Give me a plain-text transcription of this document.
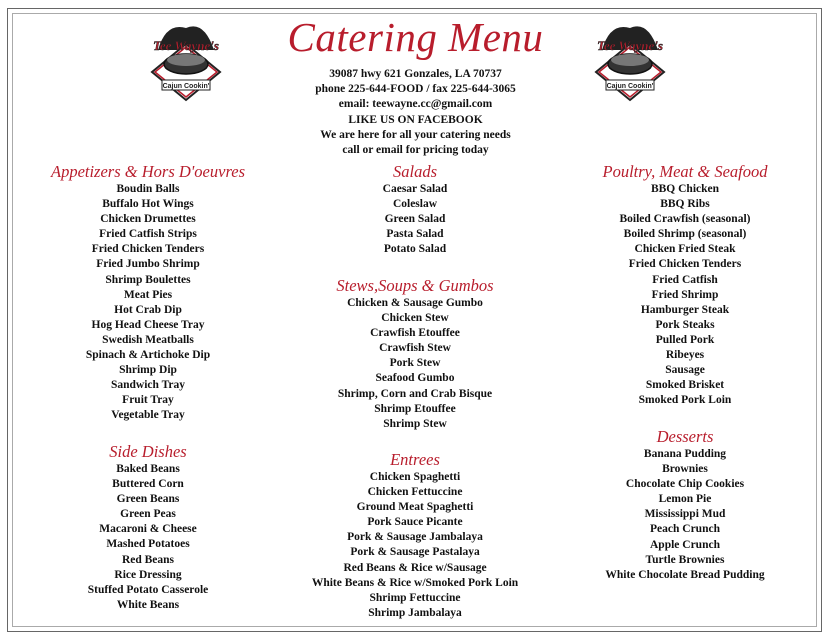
Tee Wayne's
Cajun Cookin'
Tee Wayne's
Cajun Cookin'
Catering Menu
39087 hwy 621 Gonzales, LA 70737
phone 225-644-FOOD / fax 225-644-3065
email: teewayne.cc@gmail.com
LIKE US ON FACEBOOK
We are here for all your catering needs
call or email for pricing today
Appetizers & Hors D'oeuvres
Boudin Balls
Buffalo Hot Wings
Chicken Drumettes
Fried Catfish Strips
Fried Chicken Tenders
Fried Jumbo Shrimp
Shrimp Boulettes
Meat Pies
Hot Crab Dip
Hog Head Cheese Tray
Swedish Meatballs
Spinach & Artichoke Dip
Shrimp Dip
Sandwich Tray
Fruit Tray
Vegetable Tray
Side Dishes
Baked Beans
Buttered Corn
Green Beans
Green Peas
Macaroni & Cheese
Mashed Potatoes
Red Beans
Rice Dressing
Stuffed Potato Casserole
White Beans
Salads
Caesar Salad
Coleslaw
Green Salad
Pasta Salad
Potato Salad
Stews,Soups & Gumbos
Chicken & Sausage Gumbo
Chicken Stew
Crawfish Etouffee
Crawfish Stew
Pork Stew
Seafood Gumbo
Shrimp, Corn and Crab Bisque
Shrimp Etouffee
Shrimp Stew
Entrees
Chicken Spaghetti
Chicken Fettuccine
Ground Meat Spaghetti
Pork Sauce Picante
Pork & Sausage Jambalaya
Pork & Sausage Pastalaya
Red Beans & Rice w/Sausage
White Beans & Rice w/Smoked Pork Loin
Shrimp Fettuccine
Shrimp Jambalaya
Poultry, Meat & Seafood
BBQ Chicken
BBQ Ribs
Boiled Crawfish (seasonal)
Boiled Shrimp (seasonal)
Chicken Fried Steak
Fried Chicken Tenders
Fried Catfish
Fried Shrimp
Hamburger Steak
Pork Steaks
Pulled Pork
Ribeyes
Sausage
Smoked Brisket
Smoked Pork Loin
Desserts
Banana Pudding
Brownies
Chocolate Chip Cookies
Lemon Pie
Mississippi Mud
Peach Crunch
Apple Crunch
Turtle Brownies
White Chocolate Bread Pudding
